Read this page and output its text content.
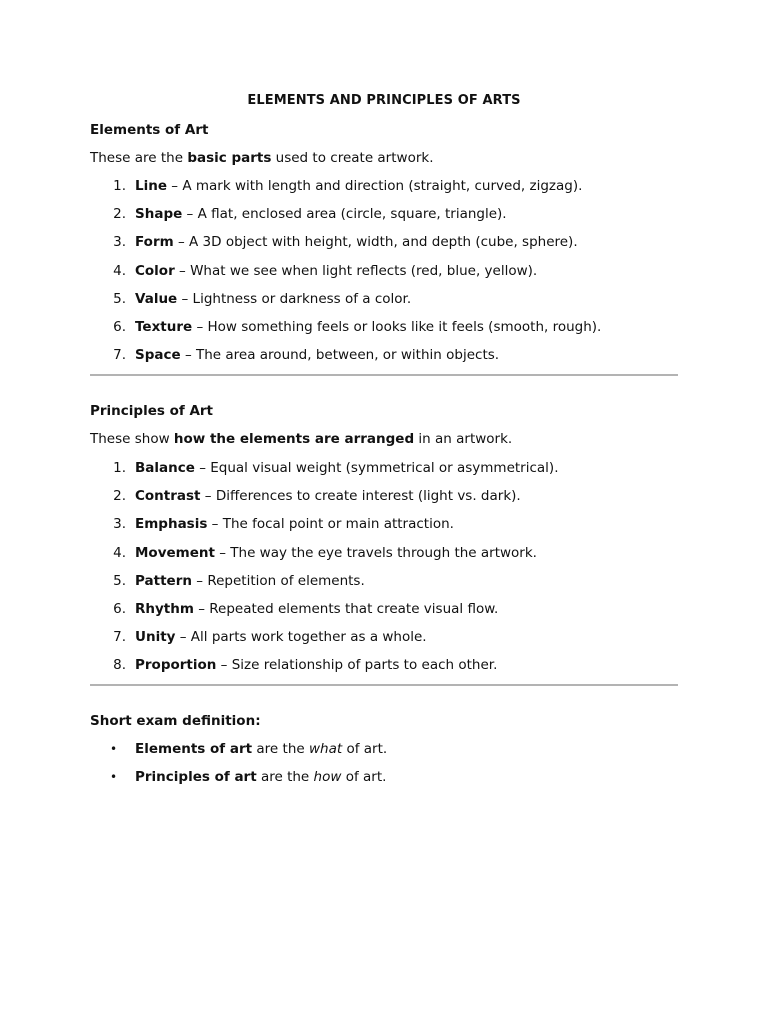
ELEMENTS AND PRINCIPLES OF ARTS
Elements of Art
These are the basic parts used to create artwork.
1. Line – A mark with length and direction (straight, curved, zigzag).
2. Shape – A flat, enclosed area (circle, square, triangle).
3. Form – A 3D object with height, width, and depth (cube, sphere).
4. Color – What we see when light reflects (red, blue, yellow).
5. Value – Lightness or darkness of a color.
6. Texture – How something feels or looks like it feels (smooth, rough).
7. Space – The area around, between, or within objects.
Principles of Art
These show how the elements are arranged in an artwork.
1. Balance – Equal visual weight (symmetrical or asymmetrical).
2. Contrast – Differences to create interest (light vs. dark).
3. Emphasis – The focal point or main attraction.
4. Movement – The way the eye travels through the artwork.
5. Pattern – Repetition of elements.
6. Rhythm – Repeated elements that create visual flow.
7. Unity – All parts work together as a whole.
8. Proportion – Size relationship of parts to each other.
Short exam definition:
• Elements of art are the what of art.
• Principles of art are the how of art.
